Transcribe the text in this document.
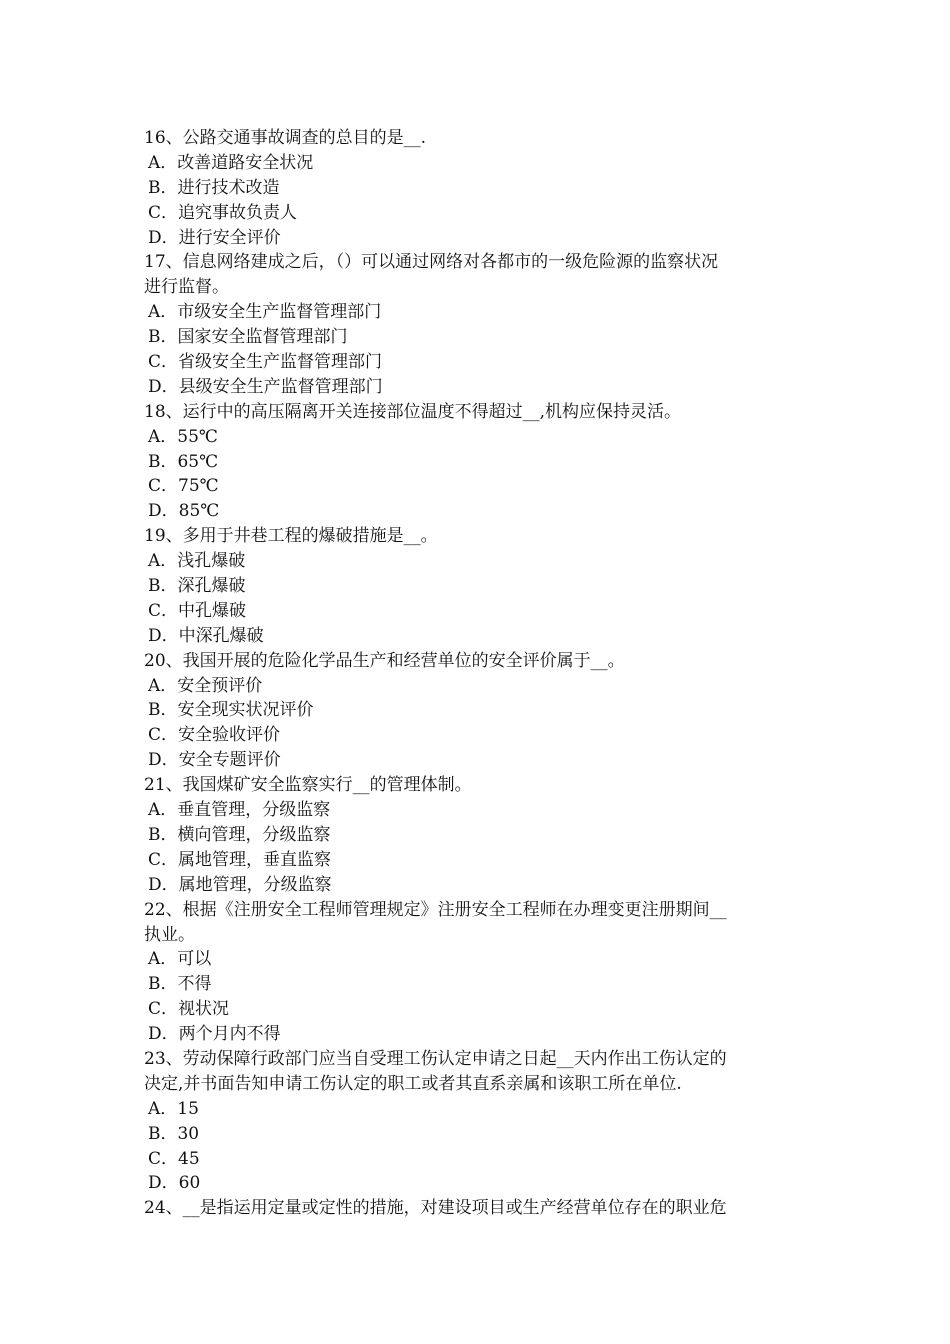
16、公路交通事故调查的总目的是__.
A．改善道路安全状况
B．进行技术改造
C．追究事故负责人
D．进行安全评价
17、信息网络建成之后，（）可以通过网络对各都市的一级危险源的监察状况
进行监督。
A．市级安全生产监督管理部门
B．国家安全监督管理部门
C．省级安全生产监督管理部门
D．县级安全生产监督管理部门
18、运行中的高压隔离开关连接部位温度不得超过__,机构应保持灵活。
A．55℃
B．65℃
C．75℃
D．85℃
19、多用于井巷工程的爆破措施是__。
A．浅孔爆破
B．深孔爆破
C．中孔爆破
D．中深孔爆破
20、我国开展的危险化学品生产和经营单位的安全评价属于__。
A．安全预评价
B．安全现实状况评价
C．安全验收评价
D．安全专题评价
21、我国煤矿安全监察实行__的管理体制。
A．垂直管理，分级监察
B．横向管理，分级监察
C．属地管理，垂直监察
D．属地管理，分级监察
22、根据《注册安全工程师管理规定》注册安全工程师在办理变更注册期间__
执业。
A．可以
B．不得
C．视状况
D．两个月内不得
23、劳动保障行政部门应当自受理工伤认定申请之日起__天内作出工伤认定的
决定,并书面告知申请工伤认定的职工或者其直系亲属和该职工所在单位.
A．15
B．30
C．45
D．60
24、__是指运用定量或定性的措施，对建设项目或生产经营单位存在的职业危
